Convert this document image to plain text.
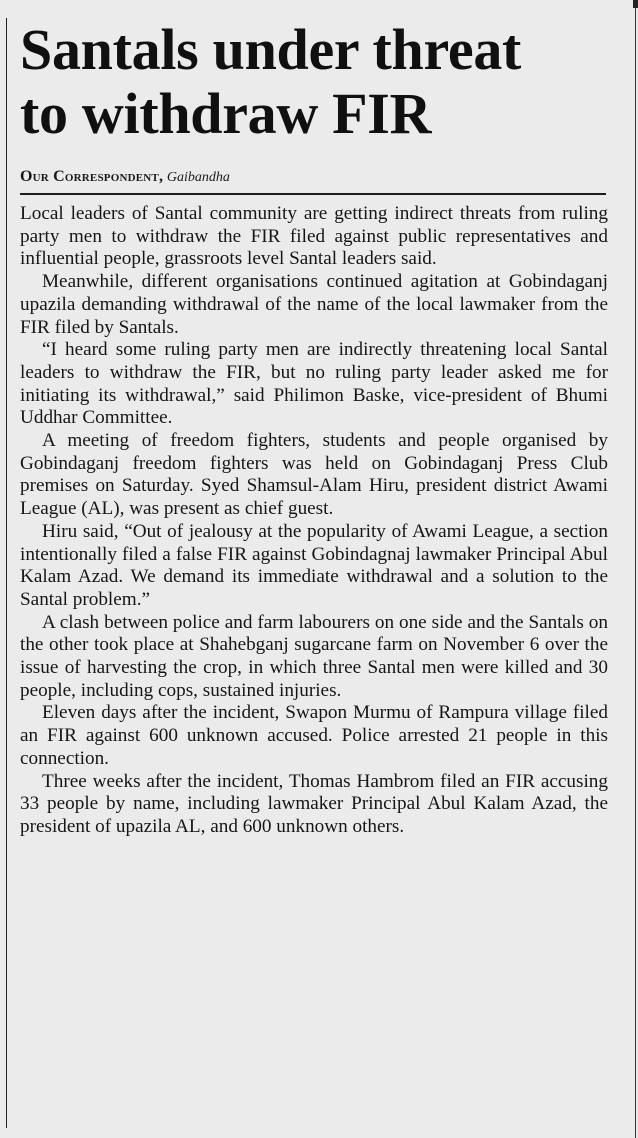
Santals under threat
to withdraw FIR
Our Correspondent, Gaibandha

Local leaders of Santal community are getting indirect threats from ruling party men to withdraw the FIR filed against public representatives and influential people, grassroots level Santal leaders said.

Meanwhile, different organisations continued agitation at Gobindaganj upazila demanding withdrawal of the name of the local lawmaker from the FIR filed by Santals.

“I heard some ruling party men are indirectly threatening local Santal leaders to withdraw the FIR, but no ruling party leader asked me for initiating its withdrawal,” said Philimon Baske, vice-president of Bhumi Uddhar Committee.

A meeting of freedom fighters, students and people organised by Gobindaganj freedom fighters was held on Gobindaganj Press Club premises on Saturday. Syed Shamsul-Alam Hiru, president district Awami League (AL), was present as chief guest.

Hiru said, “Out of jealousy at the popularity of Awami League, a section intentionally filed a false FIR against Gobindagnaj lawmaker Principal Abul Kalam Azad. We demand its immediate withdrawal and a solution to the Santal problem.”

A clash between police and farm labourers on one side and the Santals on the other took place at Shahebganj sugarcane farm on November 6 over the issue of harvesting the crop, in which three Santal men were killed and 30 people, including cops, sustained injuries.

Eleven days after the incident, Swapon Murmu of Rampura village filed an FIR against 600 unknown accused. Police arrested 21 people in this connection.

Three weeks after the incident, Thomas Hambrom filed an FIR accusing 33 people by name, including lawmaker Principal Abul Kalam Azad, the president of upazila AL, and 600 unknown others.
